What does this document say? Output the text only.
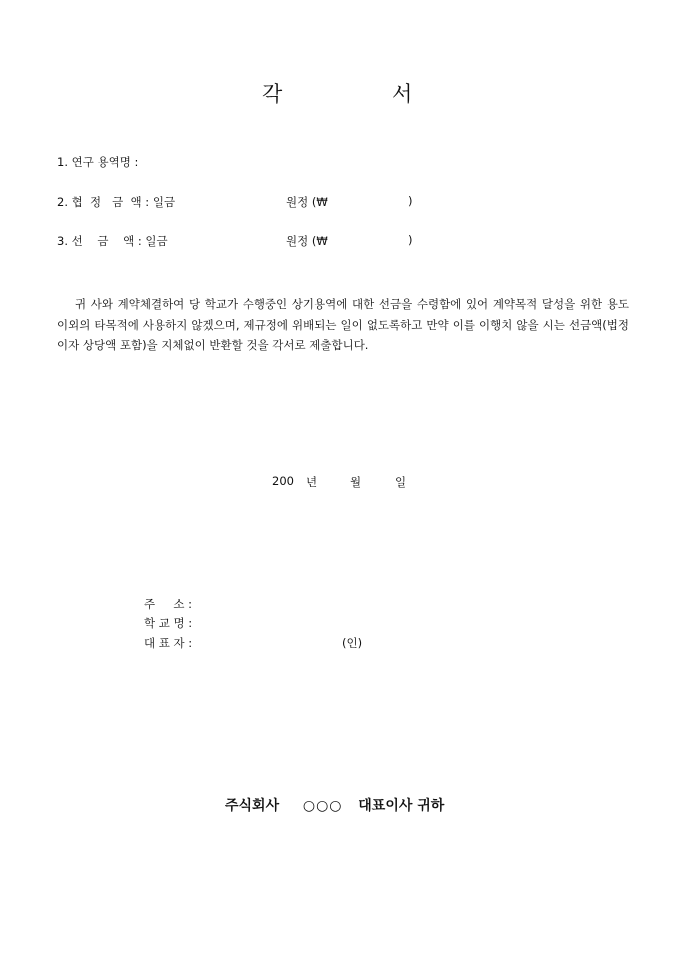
각	서
1. 연구 용역명 :
2. 협  정   금  액 : 일금	원정 (₩	)
3. 선    금    액 : 일금	원정 (₩	)
귀 사와 계약체결하여 당 학교가 수행중인 상기용역에 대한 선금을 수령함에 있어 계약목적 달성을 위한 용도 이외의 타목적에 사용하지 않겠으며, 제규정에 위배되는 일이 없도록하고 만약 이를 이행치 않을 시는 선금액(법정이자 상당액 포함)을 지체없이 반환할 것을 각서로 제출합니다.
200 년	월	일
주     소 :
학 교 명 :
대 표 자 :	(인)
주식회사 ○○○ 대표이사 귀하
